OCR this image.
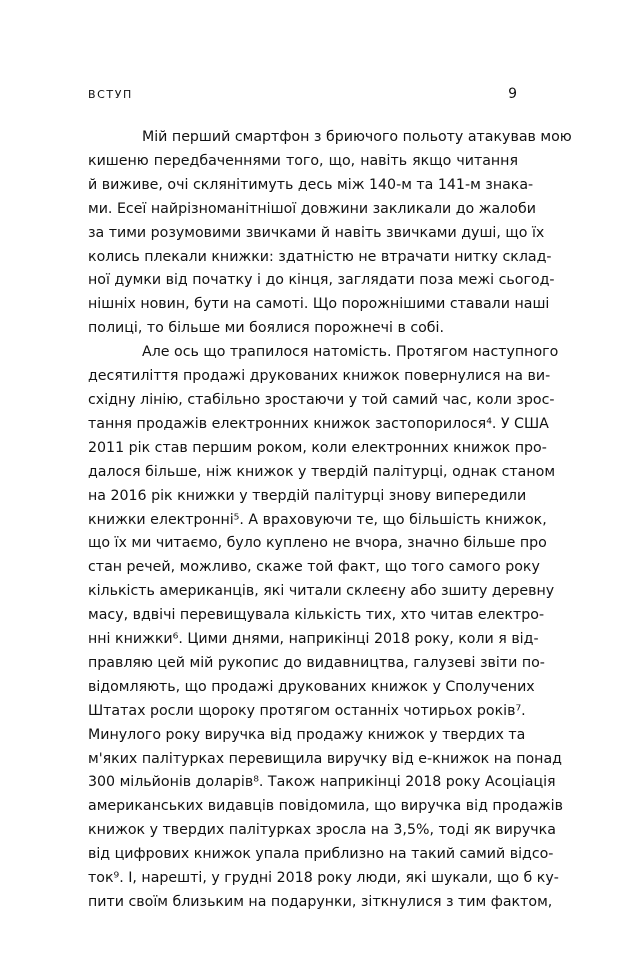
ВСТУП	9

Мій перший смартфон з бриючого польоту атакував мою
кишеню передбаченнями того, що, навіть якщо читання
й виживе, очі склянітимуть десь між 140-м та 141-м знака-
ми. Есеї найрізноманітнішої довжини закликали до жалоби
за тими розумовими звичками й навіть звичками душі, що їх
колись плекали книжки: здатністю не втрачати нитку склад-
ної думки від початку і до кінця, заглядати поза межі сьогод-
нішніх новин, бути на самоті. Що порожнішими ставали наші
полиці, то більше ми боялися порожнечі в собі.

Але ось що трапилося натомість. Протягом наступного
десятиліття продажі друкованих книжок повернулися на ви-
східну лінію, стабільно зростаючи у той самий час, коли зрос-
тання продажів електронних книжок застопорилося⁴. У США
2011 рік став першим роком, коли електронних книжок про-
далося більше, ніж книжок у твердій палітурці, однак станом
на 2016 рік книжки у твердій палітурці знову випередили
книжки електронні⁵. А враховуючи те, що більшість книжок,
що їх ми читаємо, було куплено не вчора, значно більше про
стан речей, можливо, скаже той факт, що того самого року
кількість американців, які читали склеєну або зшиту деревну
масу, вдвічі перевищувала кількість тих, хто читав електро-
нні книжки⁶. Цими днями, наприкінці 2018 року, коли я від-
правляю цей мій рукопис до видавництва, галузеві звіти по-
відомляють, що продажі друкованих книжок у Сполучених
Штатах росли щороку протягом останніх чотирьох років⁷.
Минулого року виручка від продажу книжок у твердих та
м'яких палітурках перевищила виручку від е-книжок на понад
300 мільйонів доларів⁸. Також наприкінці 2018 року Асоціація
американських видавців повідомила, що виручка від продажів
книжок у твердих палітурках зросла на 3,5%, тоді як виручка
від цифрових книжок упала приблизно на такий самий відсо-
ток⁹. І, нарешті, у грудні 2018 року люди, які шукали, що б ку-
пити своїм близьким на подарунки, зіткнулися з тим фактом,
